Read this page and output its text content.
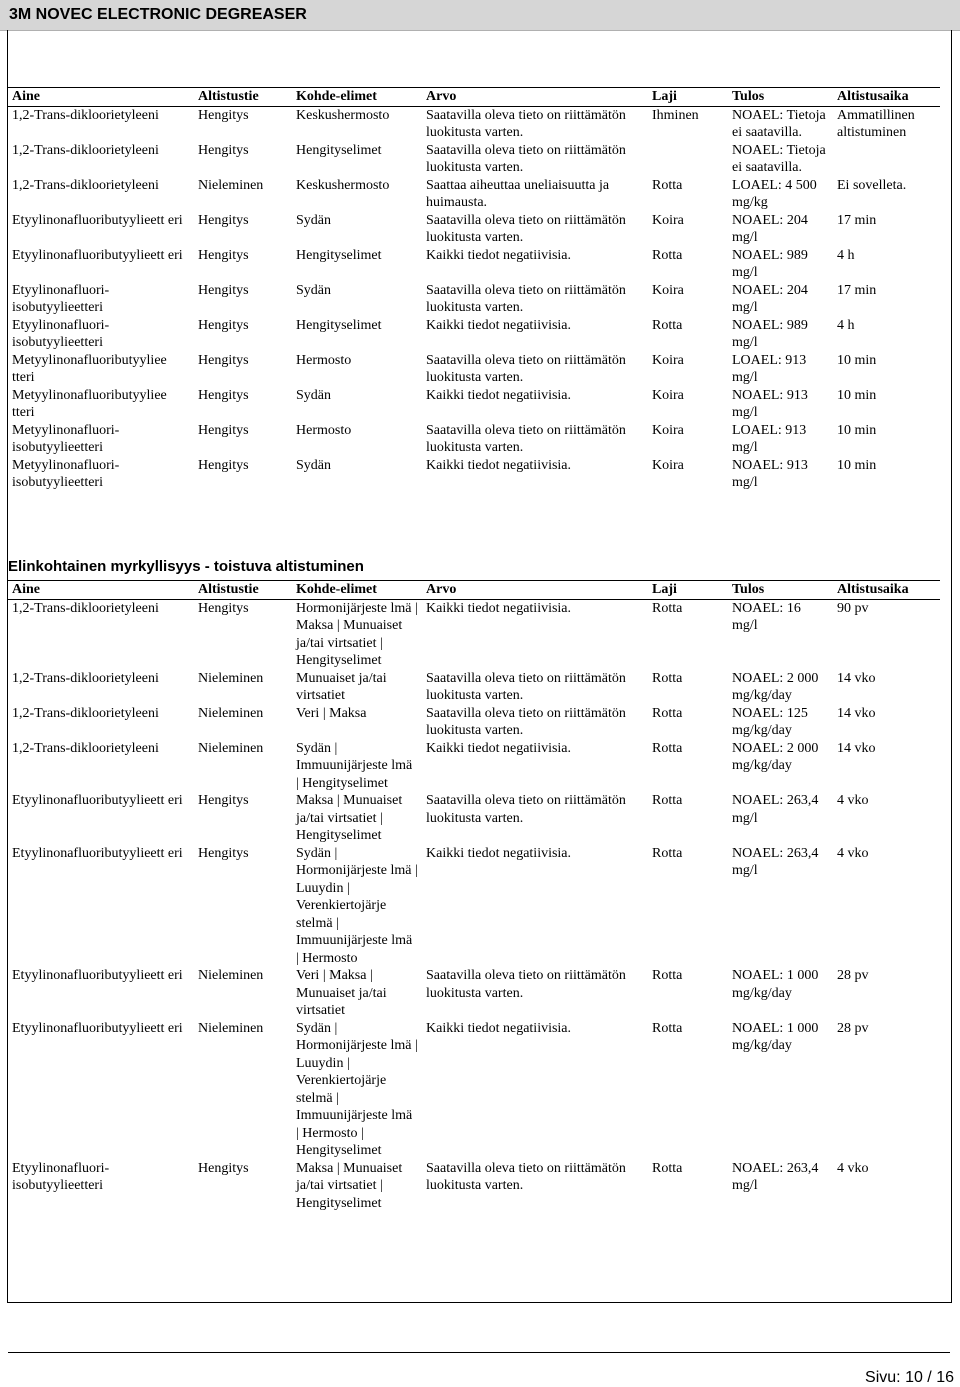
3M NOVEC ELECTRONIC DEGREASER
Aine	Altistustie	Kohde-elimet	Arvo	Laji	Tulos	Altistusaika
1,2-Trans-dikloorietyleeni	Hengitys	Keskushermosto	Saatavilla oleva tieto on riittämätön luokitusta varten.	Ihminen	NOAEL: Tietoja ei saatavilla.	Ammatillinen altistuminen
1,2-Trans-dikloorietyleeni	Hengitys	Hengityselimet	Saatavilla oleva tieto on riittämätön luokitusta varten.		NOAEL: Tietoja ei saatavilla.	
1,2-Trans-dikloorietyleeni	Nieleminen	Keskushermosto	Saattaa aiheuttaa uneliaisuutta ja huimausta.	Rotta	LOAEL: 4 500 mg/kg	Ei sovelleta.
Etyylinonafluoributyylieett eri	Hengitys	Sydän	Saatavilla oleva tieto on riittämätön luokitusta varten.	Koira	NOAEL: 204 mg/l	17 min
Etyylinonafluoributyylieett eri	Hengitys	Hengityselimet	Kaikki tiedot negatiivisia.	Rotta	NOAEL: 989 mg/l	4 h
Etyylinonafluori-isobutyylieetteri	Hengitys	Sydän	Saatavilla oleva tieto on riittämätön luokitusta varten.	Koira	NOAEL: 204 mg/l	17 min
Etyylinonafluori-isobutyylieetteri	Hengitys	Hengityselimet	Kaikki tiedot negatiivisia.	Rotta	NOAEL: 989 mg/l	4 h
Metyylinonafluoributyyliee tteri	Hengitys	Hermosto	Saatavilla oleva tieto on riittämätön luokitusta varten.	Koira	LOAEL: 913 mg/l	10 min
Metyylinonafluoributyyliee tteri	Hengitys	Sydän	Kaikki tiedot negatiivisia.	Koira	NOAEL: 913 mg/l	10 min
Metyylinonafluori-isobutyylieetteri	Hengitys	Hermosto	Saatavilla oleva tieto on riittämätön luokitusta varten.	Koira	LOAEL: 913 mg/l	10 min
Metyylinonafluori-isobutyylieetteri	Hengitys	Sydän	Kaikki tiedot negatiivisia.	Koira	NOAEL: 913 mg/l	10 min
Elinkohtainen myrkyllisyys - toistuva altistuminen
Aine	Altistustie	Kohde-elimet	Arvo	Laji	Tulos	Altistusaika
1,2-Trans-dikloorietyleeni	Hengitys	Hormonijärjeste lmä | Maksa | Munuaiset ja/tai virtsatiet | Hengityselimet	Kaikki tiedot negatiivisia.	Rotta	NOAEL: 16 mg/l	90 pv
1,2-Trans-dikloorietyleeni	Nieleminen	Munuaiset ja/tai virtsatiet	Saatavilla oleva tieto on riittämätön luokitusta varten.	Rotta	NOAEL: 2 000 mg/kg/day	14 vko
1,2-Trans-dikloorietyleeni	Nieleminen	Veri | Maksa	Saatavilla oleva tieto on riittämätön luokitusta varten.	Rotta	NOAEL: 125 mg/kg/day	14 vko
1,2-Trans-dikloorietyleeni	Nieleminen	Sydän | Immuunijärjeste lmä | Hengityselimet	Kaikki tiedot negatiivisia.	Rotta	NOAEL: 2 000 mg/kg/day	14 vko
Etyylinonafluoributyylieett eri	Hengitys	Maksa | Munuaiset ja/tai virtsatiet | Hengityselimet	Saatavilla oleva tieto on riittämätön luokitusta varten.	Rotta	NOAEL: 263,4 mg/l	4 vko
Etyylinonafluoributyylieett eri	Hengitys	Sydän | Hormonijärjeste lmä | Luuydin | Verenkiertojärje stelmä | Immuunijärjeste lmä | Hermosto	Kaikki tiedot negatiivisia.	Rotta	NOAEL: 263,4 mg/l	4 vko
Etyylinonafluoributyylieett eri	Nieleminen	Veri | Maksa | Munuaiset ja/tai virtsatiet	Saatavilla oleva tieto on riittämätön luokitusta varten.	Rotta	NOAEL: 1 000 mg/kg/day	28 pv
Etyylinonafluoributyylieett eri	Nieleminen	Sydän | Hormonijärjeste lmä | Luuydin | Verenkiertojärje stelmä | Immuunijärjeste lmä | Hermosto | Hengityselimet	Kaikki tiedot negatiivisia.	Rotta	NOAEL: 1 000 mg/kg/day	28 pv
Etyylinonafluori-isobutyylieetteri	Hengitys	Maksa | Munuaiset ja/tai virtsatiet | Hengityselimet	Saatavilla oleva tieto on riittämätön luokitusta varten.	Rotta	NOAEL: 263,4 mg/l	4 vko
Sivu: 10 / 16
